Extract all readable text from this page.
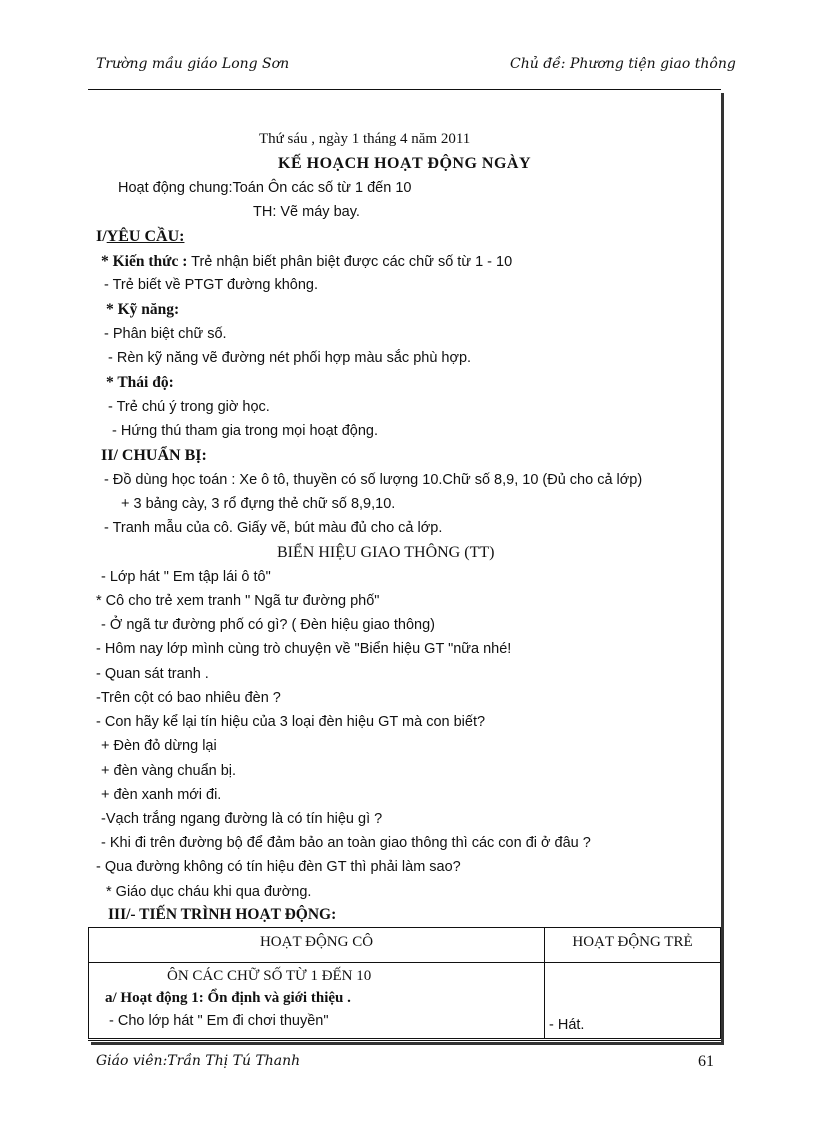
Trường mầu giáo Long Sơn	Chủ đề: Phương tiện giao thông
Thứ sáu , ngày 1 tháng 4 năm 2011
KẾ HOẠCH HOẠT ĐỘNG NGÀY
Hoạt động chung:Toán Ôn các số từ 1 đến 10
TH: Vẽ máy bay.
I/YÊU CẦU:
* Kiến thức : Trẻ nhận biết phân biệt được các chữ số từ 1 - 10
- Trẻ biết về PTGT đường không.
* Kỹ năng:
- Phân biệt chữ số.
- Rèn kỹ năng vẽ đường nét phối hợp màu sắc phù hợp.
* Thái độ:
- Trẻ chú ý trong giờ học.
- Hứng thú tham gia trong mọi hoạt động.
II/ CHUẨN BỊ:
- Đồ dùng học toán : Xe ô tô, thuyền có số lượng 10.Chữ số 8,9, 10 (Đủ cho cả lớp)
+ 3 bảng cày, 3 rổ đựng thẻ chữ số 8,9,10.
- Tranh mẫu của cô. Giấy vẽ, bút màu đủ cho cả lớp.
BIỂN HIỆU GIAO THÔNG (TT)
- Lớp hát " Em tập lái ô tô"
* Cô cho trẻ xem tranh " Ngã tư đường phố"
- Ở ngã tư đường phố có gì? ( Đèn hiệu giao thông)
- Hôm nay lớp mình cùng trò chuyện về "Biển hiệu GT "nữa nhé!
- Quan sát tranh .
-Trên cột có bao nhiêu đèn ?
- Con hãy kể lại tín hiệu của 3 loại đèn hiệu GT mà con biết?
+ Đèn đỏ dừng lại
+ đèn vàng chuẩn bị.
+ đèn xanh mới đi.
-Vạch trắng ngang đường là có tín hiệu gì ?
- Khi đi trên đường bộ để đảm bảo an toàn giao thông thì các con đi ở đâu ?
- Qua đường không có tín hiệu đèn GT thì phải làm sao?
* Giáo dục cháu khi qua đường.
III/- TIẾN TRÌNH HOẠT ĐỘNG:
HOẠT ĐỘNG CÔ	HOẠT ĐỘNG TRẺ

ÔN CÁC CHỮ SỐ TỪ 1 ĐẾN 10
a/ Hoạt động 1: Ổn định và giới thiệu .
- Cho lớp hát " Em đi chơi thuyền"	- Hát.
Giáo viên:Trần Thị Tú Thanh	61
